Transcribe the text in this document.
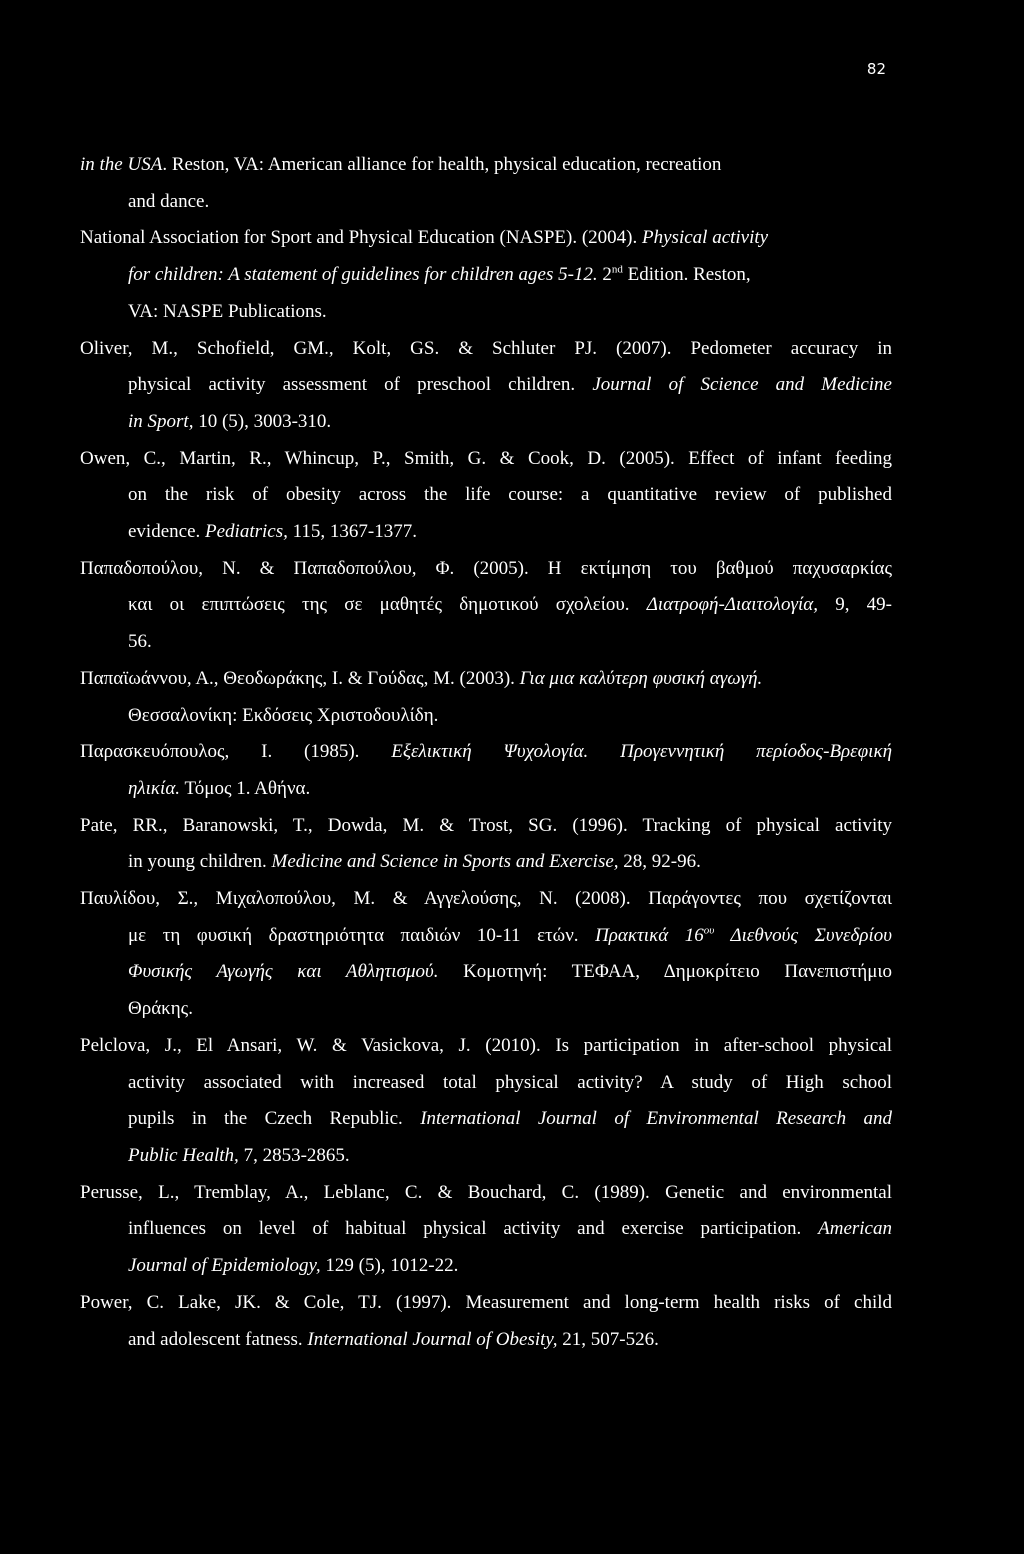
82

in the USA. Reston, VA: American alliance for health, physical education, recreation
and dance.

National Association for Sport and Physical Education (NASPE). (2004). Physical activity
for children: A statement of guidelines for children ages 5-12. 2nd Edition. Reston,
VA: NASPE Publications.

Oliver, M., Schofield, GM., Kolt, GS. & Schluter PJ. (2007). Pedometer accuracy in
physical activity assessment of preschool children. Journal of Science and Medicine
in Sport, 10 (5), 3003-310.

Owen, C., Martin, R., Whincup, P., Smith, G. & Cook, D. (2005). Effect of infant feeding
on the risk of obesity across the life course: a quantitative review of published
evidence. Pediatrics, 115, 1367-1377.

Παπαδοπούλου, Ν. & Παπαδοπούλου, Φ. (2005). Η εκτίμηση του βαθμού παχυσαρκίας
και οι επιπτώσεις της σε μαθητές δημοτικού σχολείου. Διατροφή-Διαιτολογία, 9, 49-
56.

Παπαϊωάννου, Α., Θεοδωράκης, Ι. & Γούδας, Μ. (2003). Για μια καλύτερη φυσική αγωγή.
Θεσσαλονίκη: Εκδόσεις Χριστοδουλίδη.

Παρασκευόπουλος, Ι. (1985). Εξελικτική Ψυχολογία. Προγεννητική περίοδος-Βρεφική
ηλικία. Τόμος 1. Αθήνα.

Pate, RR., Baranowski, T., Dowda, M. & Trost, SG. (1996). Tracking of physical activity
in young children. Medicine and Science in Sports and Exercise, 28, 92-96.

Παυλίδου, Σ., Μιχαλοπούλου, Μ. & Αγγελούσης, Ν. (2008). Παράγοντες που σχετίζονται
με τη φυσική δραστηριότητα παιδιών 10-11 ετών. Πρακτικά $16^{o\upsilon}$ Διεθνούς Συνεδρίου
Φυσικής Αγωγής και Αθλητισμού. Κομοτηνή: ΤΕΦΑΑ, Δημοκρίτειο Πανεπιστήμιο
Θράκης.

Pelclova, J., El Ansari, W. & Vasickova, J. (2010). Is participation in after-school physical
activity associated with increased total physical activity? A study of High school
pupils in the Czech Republic. International Journal of Environmental Research and
Public Health, 7, 2853-2865.

Perusse, L., Tremblay, A., Leblanc, C. & Bouchard, C. (1989). Genetic and environmental
influences on level of habitual physical activity and exercise participation. American
Journal of Epidemiology, 129 (5), 1012-22.

Power, C. Lake, JK. & Cole, TJ. (1997). Measurement and long-term health risks of child
and adolescent fatness. International Journal of Obesity, 21, 507-526.
